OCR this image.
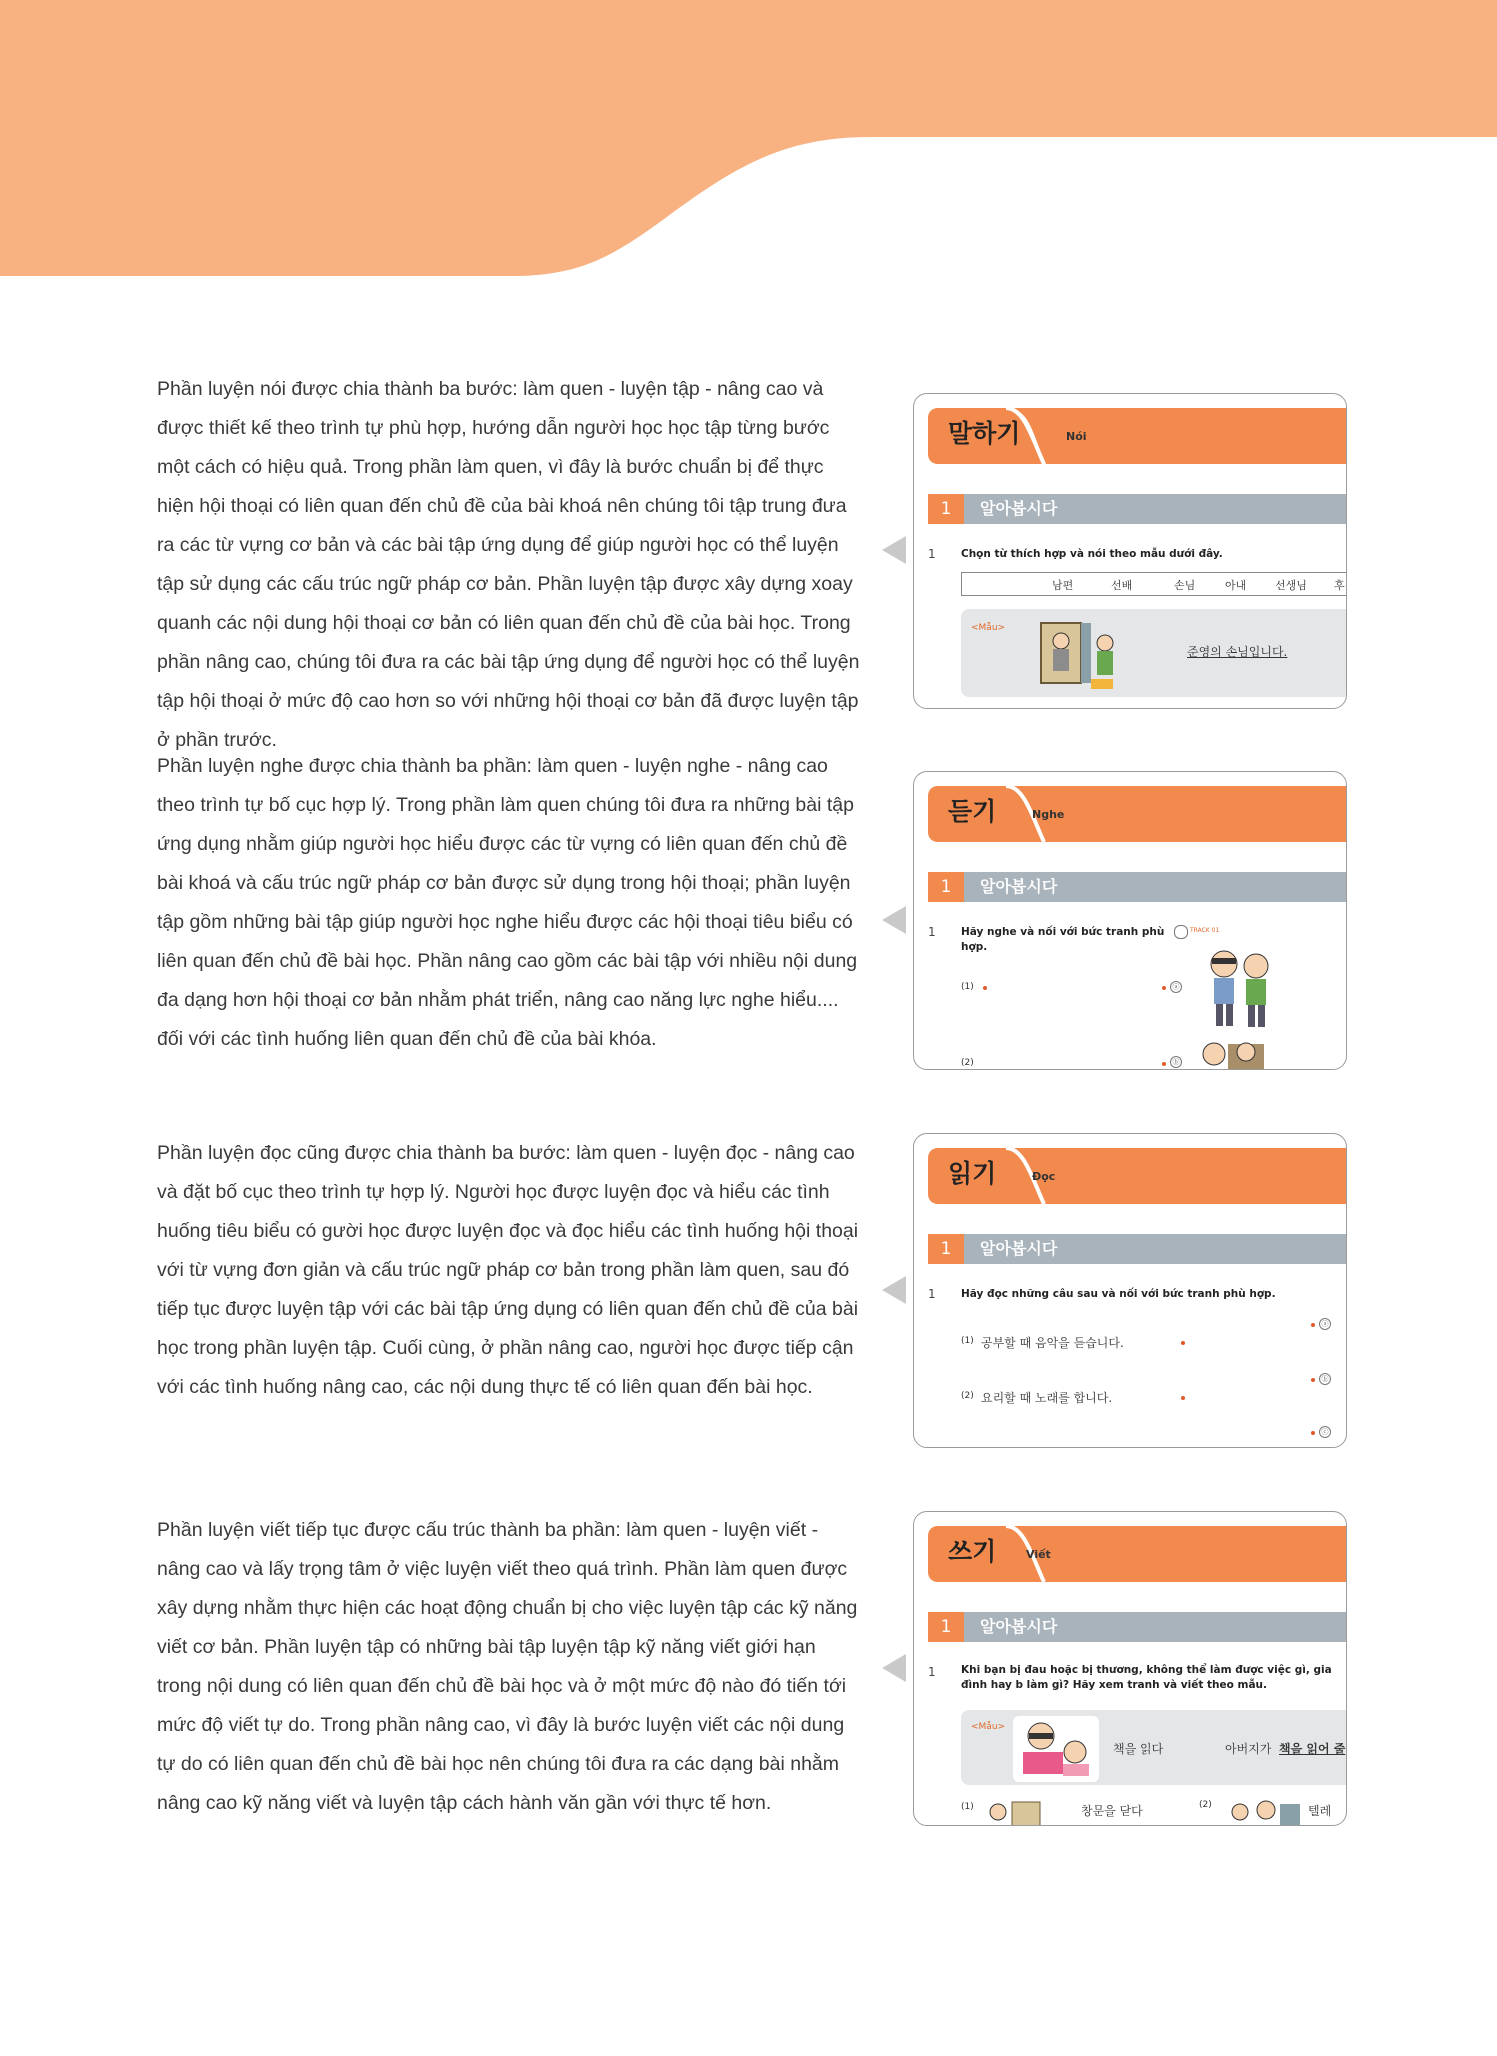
Phần luyện nói được chia thành ba bước: làm quen - luyện tập - nâng cao và được thiết kế theo trình tự phù hợp, hướng dẫn người học học tập từng bước một cách có hiệu quả. Trong phần làm quen, vì đây là bước chuẩn bị để thực hiện hội thoại có liên quan đến chủ đề của bài khoá nên chúng tôi tập trung đưa ra các từ vựng cơ bản và các bài tập ứng dụng để giúp người học có thể luyện tập sử dụng các cấu trúc ngữ pháp cơ bản. Phần luyện tập được xây dựng xoay quanh các nội dung hội thoại cơ bản có liên quan đến chủ đề của bài học. Trong phần nâng cao, chúng tôi đưa ra các bài tập ứng dụng để người học có thể luyện tập hội thoại ở mức độ cao hơn so với những hội thoại cơ bản đã được luyện tập ở phần trước.

Phần luyện nghe được chia thành ba phần: làm quen - luyện nghe - nâng cao theo trình tự bố cục hợp lý. Trong phần làm quen chúng tôi đưa ra những bài tập ứng dụng nhằm giúp người học hiểu được các từ vựng có liên quan đến chủ đề bài khoá và cấu trúc ngữ pháp cơ bản được sử dụng trong hội thoại; phần luyện tập gồm những bài tập giúp người học nghe hiểu được các hội thoại tiêu biểu có liên quan đến chủ đề bài học. Phần nâng cao gồm các bài tập với nhiều nội dung đa dạng hơn hội thoại cơ bản nhằm phát triển, nâng cao năng lực nghe hiểu.... đối với các tình huống liên quan đến chủ đề của bài khóa.

Phần luyện đọc cũng được chia thành ba bước: làm quen - luyện đọc - nâng cao và đặt bố cục theo trình tự hợp lý. Người học được luyện đọc và hiểu các tình huống tiêu biểu có gười học được luyện đọc và đọc hiểu các tình huống hội thoại với từ vựng đơn giản và cấu trúc ngữ pháp cơ bản trong phần làm quen, sau đó tiếp tục được luyện tập với các bài tập ứng dụng có liên quan đến chủ đề của bài học trong phần luyện tập. Cuối cùng, ở phần nâng cao, người học được tiếp cận với các tình huống nâng cao, các nội dung thực tế có liên quan đến bài học.

Phần luyện viết tiếp tục được cấu trúc thành ba phần: làm quen - luyện viết - nâng cao và lấy trọng tâm ở việc luyện viết theo quá trình. Phần làm quen được xây dựng nhằm thực hiện các hoạt động chuẩn bị cho việc luyện tập các kỹ năng viết cơ bản. Phần luyện tập có những bài tập luyện tập kỹ năng viết giới hạn trong nội dung có liên quan đến chủ đề bài học và ở một mức độ nào đó tiến tới mức độ viết tự do. Trong phần nâng cao, vì đây là bước luyện viết các nội dung tự do có liên quan đến chủ đề bài học nên chúng tôi đưa ra các dạng bài nhằm nâng cao kỹ năng viết và luyện tập cách hành văn gần với thực tế hơn.

말하기	Nói
1	알아봅시다
1 Chọn từ thích hợp và nói theo mẫu dưới đây.
남편	선배	손님	아내	선생님 후
<Mẫu>
준영의 손님입니다.
듣기	Nghe
1	알아봅시다
1 Hãy nghe và nối với bức tranh phù hợp.
TRACK 01
(1)	ⓐ
(2)	ⓑ
읽기	Đọc
1	알아봅시다
1 Hãy đọc những câu sau và nối với bức tranh phù hợp.
ⓐ
(1) 공부할 때 음악을 듣습니다.
ⓑ
(2) 요리할 때 노래를 합니다.
ⓒ
쓰기	Viết
1	알아봅시다
1 Khi bạn bị đau hoặc bị thương, không thể làm được việc gì, gia đình hay b làm gì? Hãy xem tranh và viết theo mẫu.
<Mẫu>
책을 읽다	아버지가 책을 읽어 줄
(1)	창문을 닫다	(2)	텔레
